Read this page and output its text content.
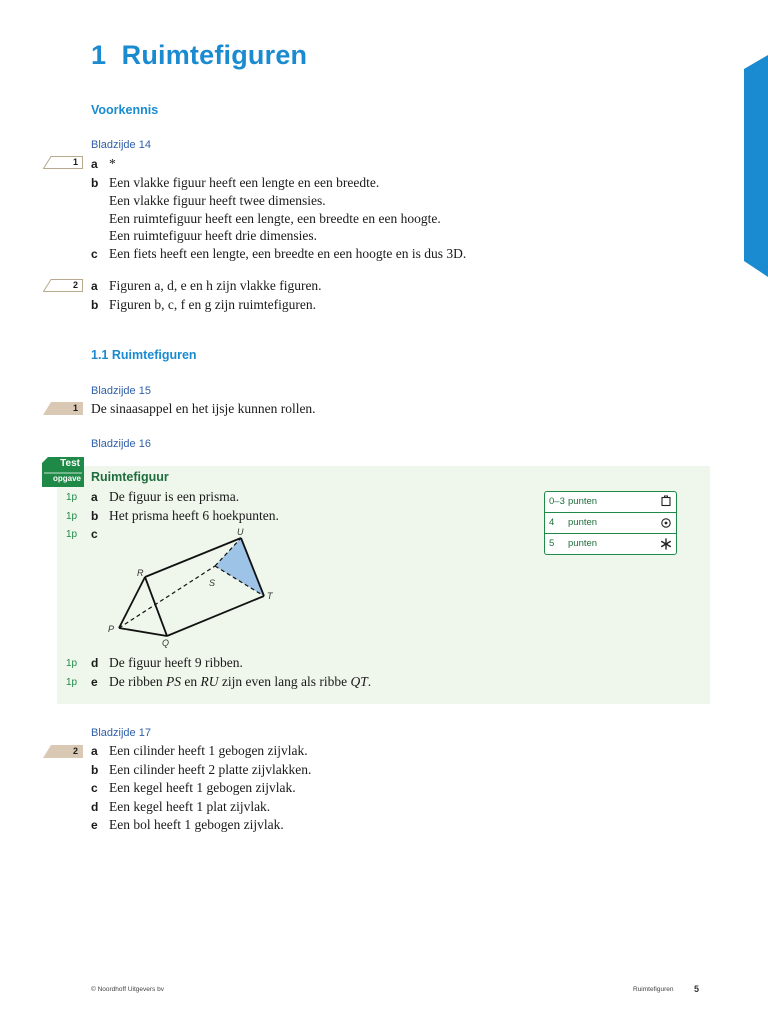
1 Ruimtefiguren
Voorkennis
Bladzijde 14
1	a *
b Een vlakke figuur heeft een lengte en een breedte.
Een vlakke figuur heeft twee dimensies.
Een ruimtefiguur heeft een lengte, een breedte en een hoogte.
Een ruimtefiguur heeft drie dimensies.
c Een fiets heeft een lengte, een breedte en een hoogte en is dus 3D.
2	a Figuren a, d, e en h zijn vlakke figuren.
b Figuren b, c, f en g zijn ruimtefiguren.
1.1 Ruimtefiguren
Bladzijde 15
1 De sinaasappel en het ijsje kunnen rollen.
Bladzijde 16
Test
opgave Ruimtefiguur
1p	a De figuur is een prisma.
1p	b Het prisma heeft 6 hoekpunten.
1p	c
P
Q
R
S
T
U
1p	d De figuur heeft 9 ribben.
1p	e De ribben PS en RU zijn even lang als ribbe QT.
0–3 punten
4 punten
5 punten
Bladzijde 17
2	a Een cilinder heeft 1 gebogen zijvlak.
b Een cilinder heeft 2 platte zijvlakken.
c Een kegel heeft 1 gebogen zijvlak.
d Een kegel heeft 1 plat zijvlak.
e Een bol heeft 1 gebogen zijvlak.
© Noordhoff Uitgevers bv	Ruimtefiguren 5
